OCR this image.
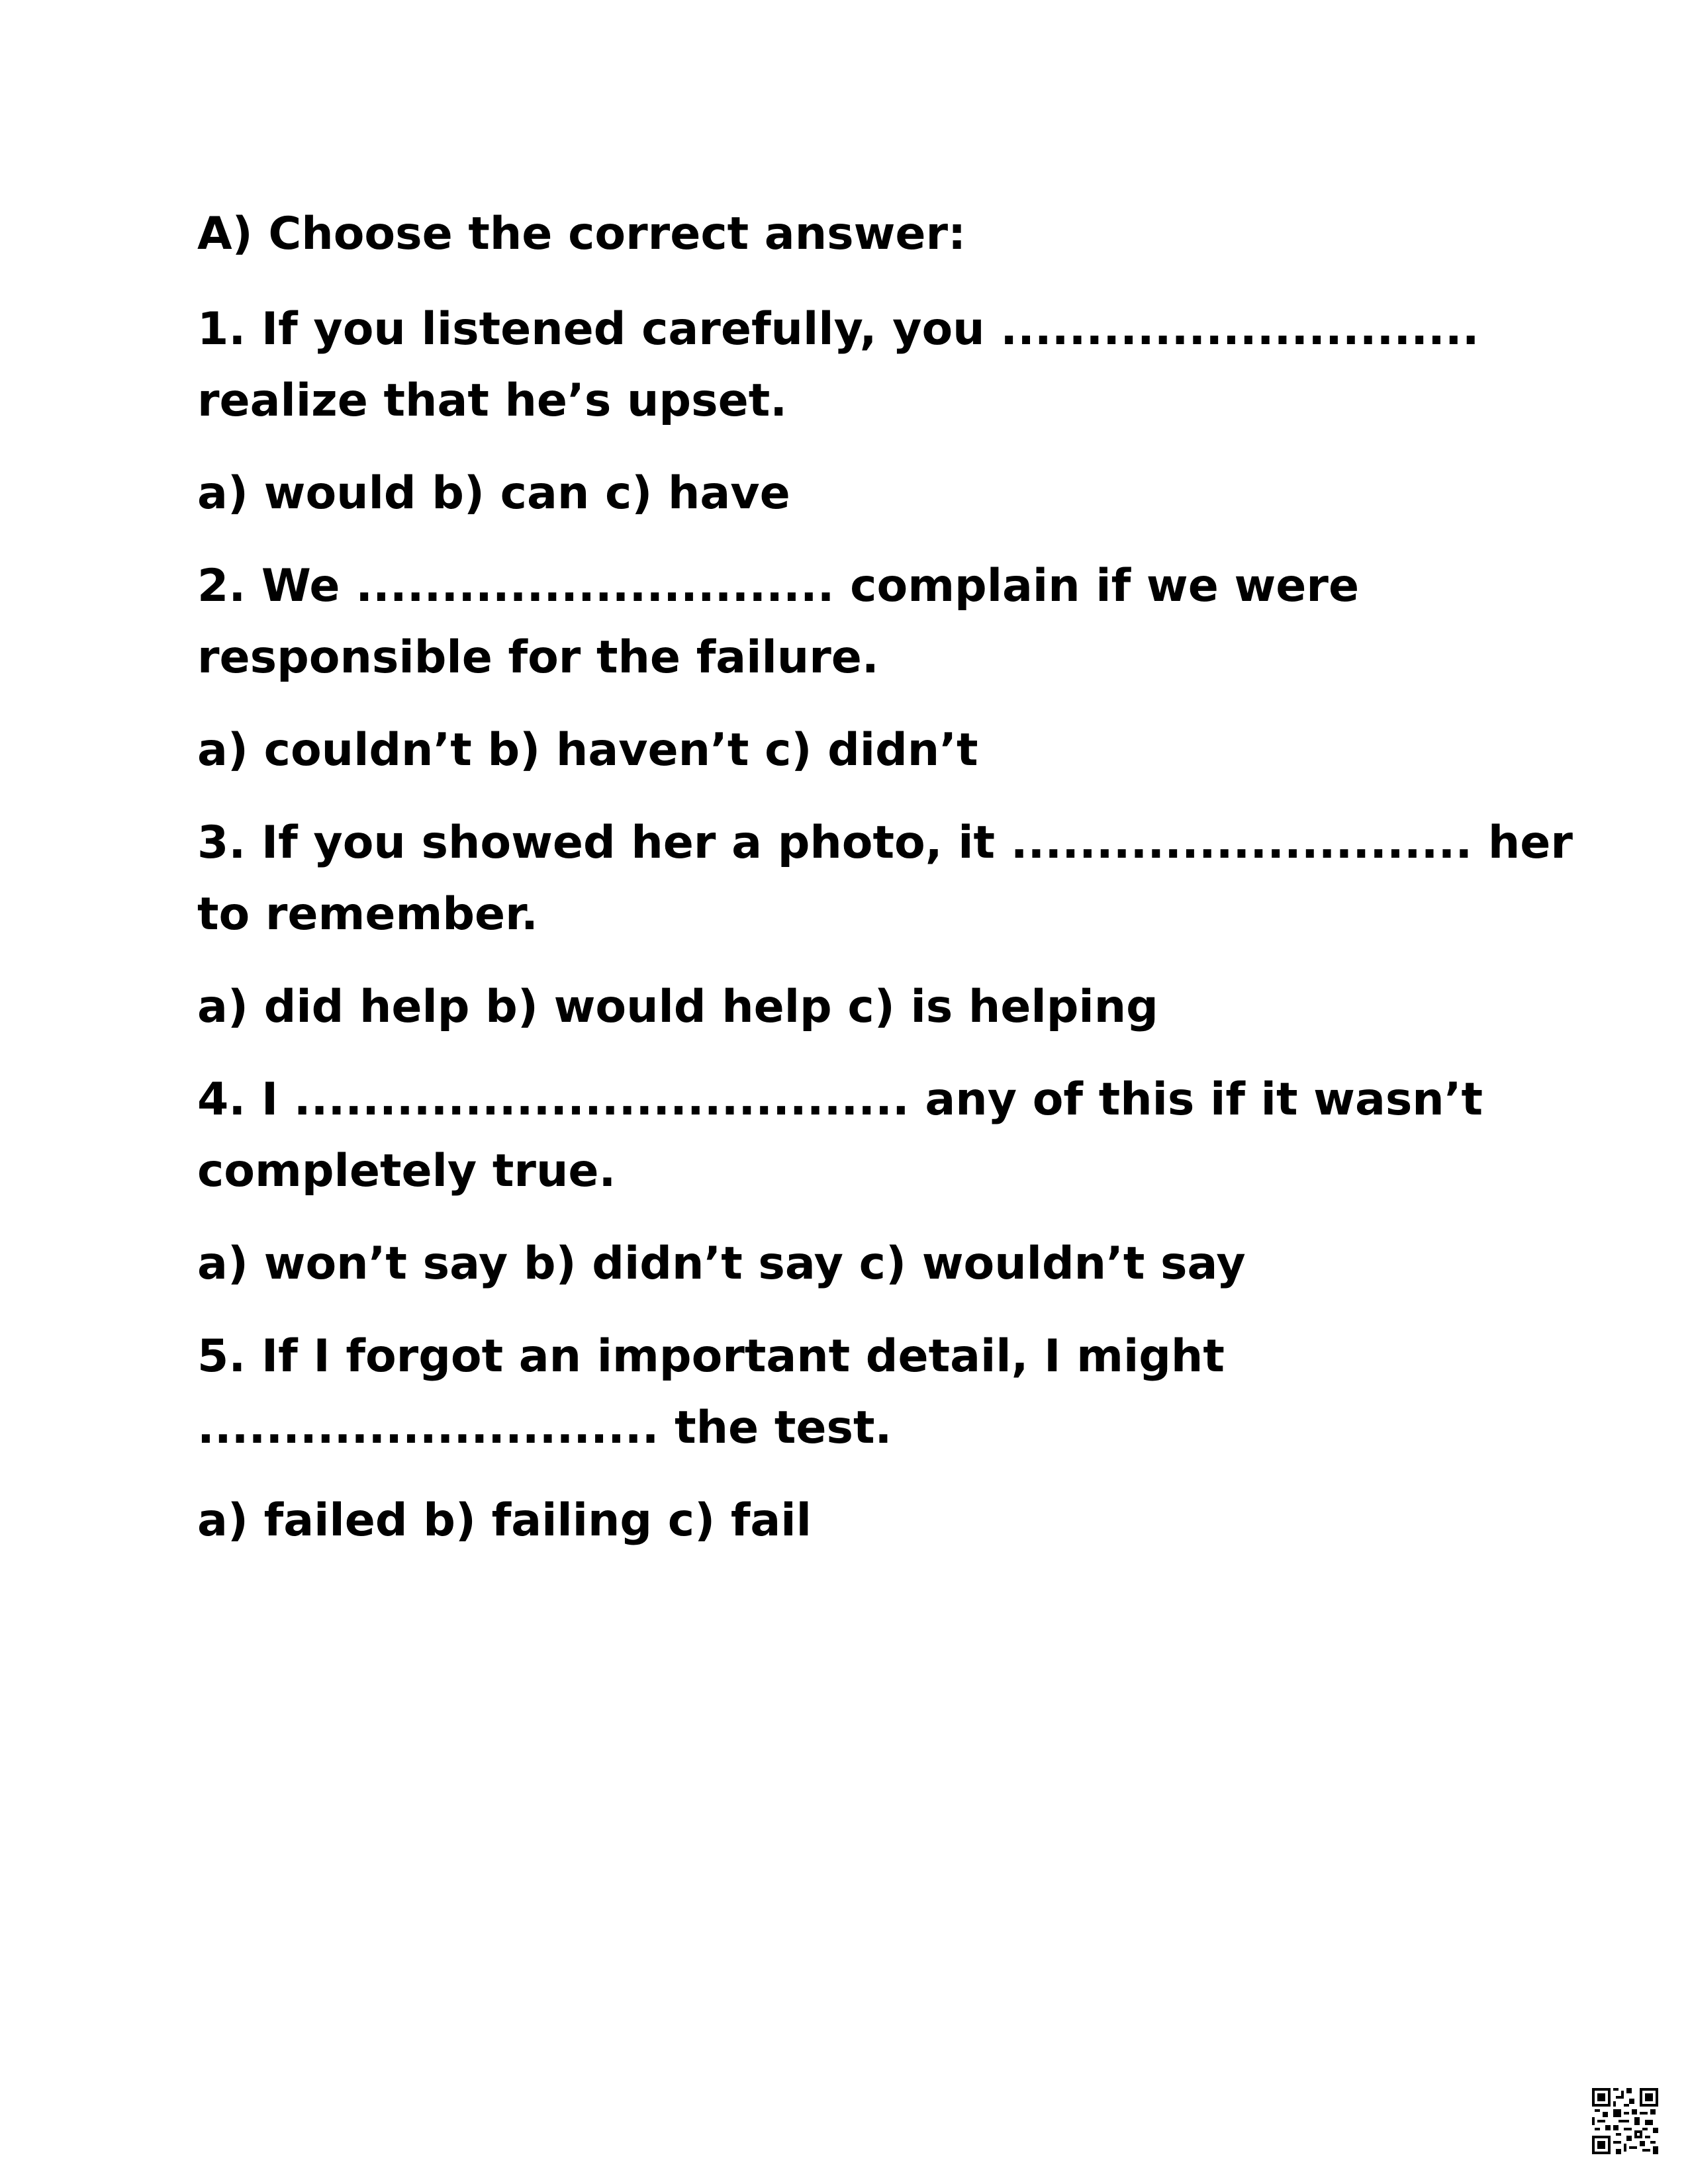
A) Choose the correct answer:

1. If you listened carefully, you ............................

realize that he’s upset.

a) would b) can c) have

2. We ............................ complain if we were

responsible for the failure.

a) couldn’t b) haven’t c) didn’t

3. If you showed her a photo, it ........................... her

to remember.

a) did help b) would help c) is helping

4. I .................................... any of this if it wasn’t

completely true.

a) won’t say b) didn’t say c) wouldn’t say

5. If I forgot an important detail, I might

........................... the test.

a) failed b) failing c) fail
